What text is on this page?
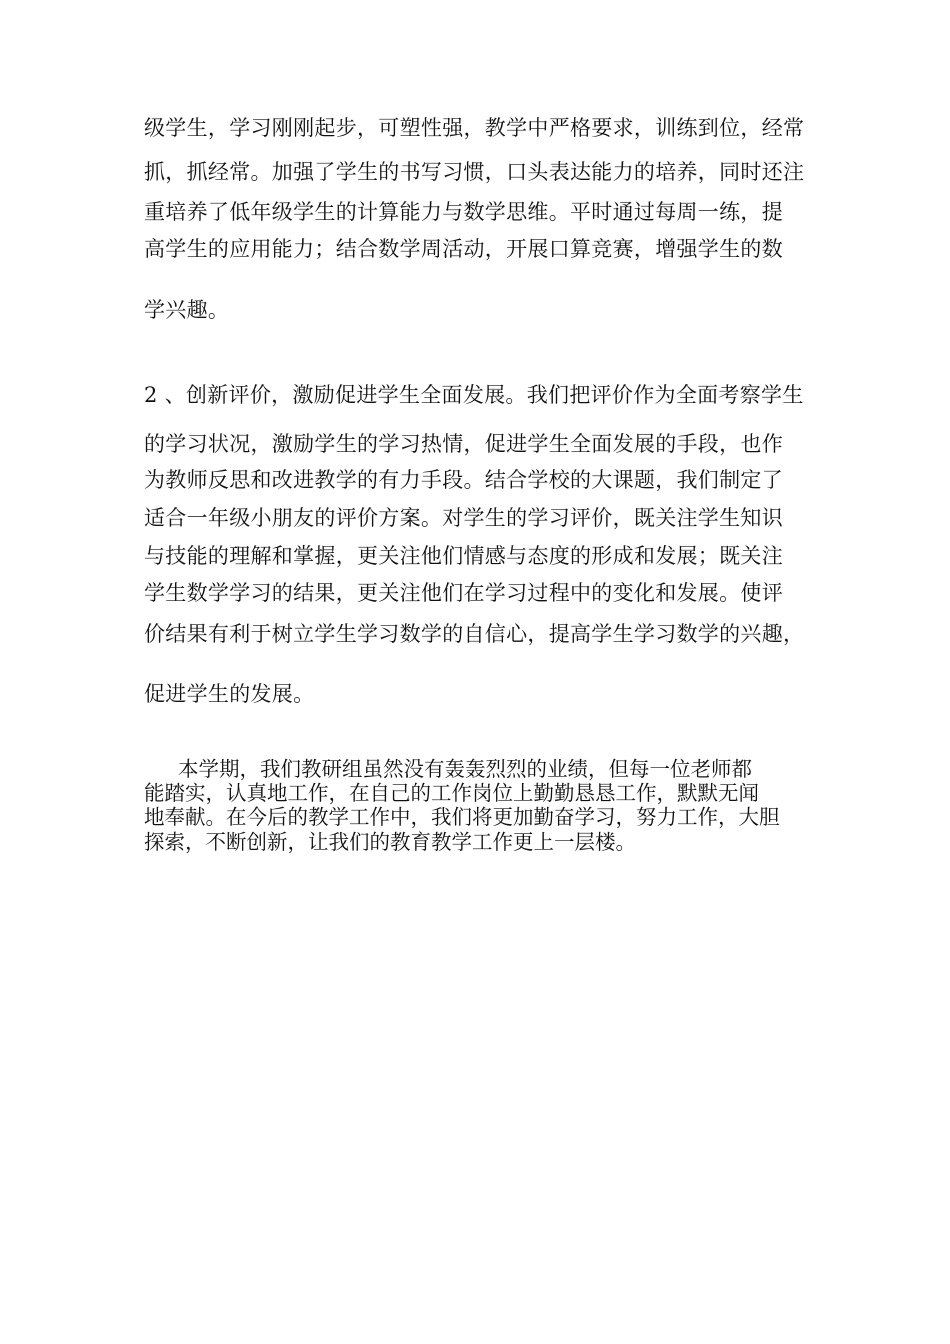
级学生，学习刚刚起步，可塑性强，教学中严格要求，训练到位，经常
抓，抓经常。加强了学生的书写习惯，口头表达能力的培养，同时还注
重培养了低年级学生的计算能力与数学思维。平时通过每周一练，提
高学生的应用能力；结合数学周活动，开展口算竞赛，增强学生的数
学兴趣。
2 、创新评价，激励促进学生全面发展。我们把评价作为全面考察学生
的学习状况，激励学生的学习热情，促进学生全面发展的手段，也作
为教师反思和改进教学的有力手段。结合学校的大课题，我们制定了
适合一年级小朋友的评价方案。对学生的学习评价，既关注学生知识
与技能的理解和掌握，更关注他们情感与态度的形成和发展；既关注
学生数学学习的结果，更关注他们在学习过程中的变化和发展。使评
价结果有利于树立学生学习数学的自信心，提高学生学习数学的兴趣，
促进学生的发展。
本学期，我们教研组虽然没有轰轰烈烈的业绩，但每一位老师都
能踏实，认真地工作，在自己的工作岗位上勤勤恳恳工作，默默无闻
地奉献。在今后的教学工作中，我们将更加勤奋学习，努力工作，大胆
探索，不断创新，让我们的教育教学工作更上一层楼。
